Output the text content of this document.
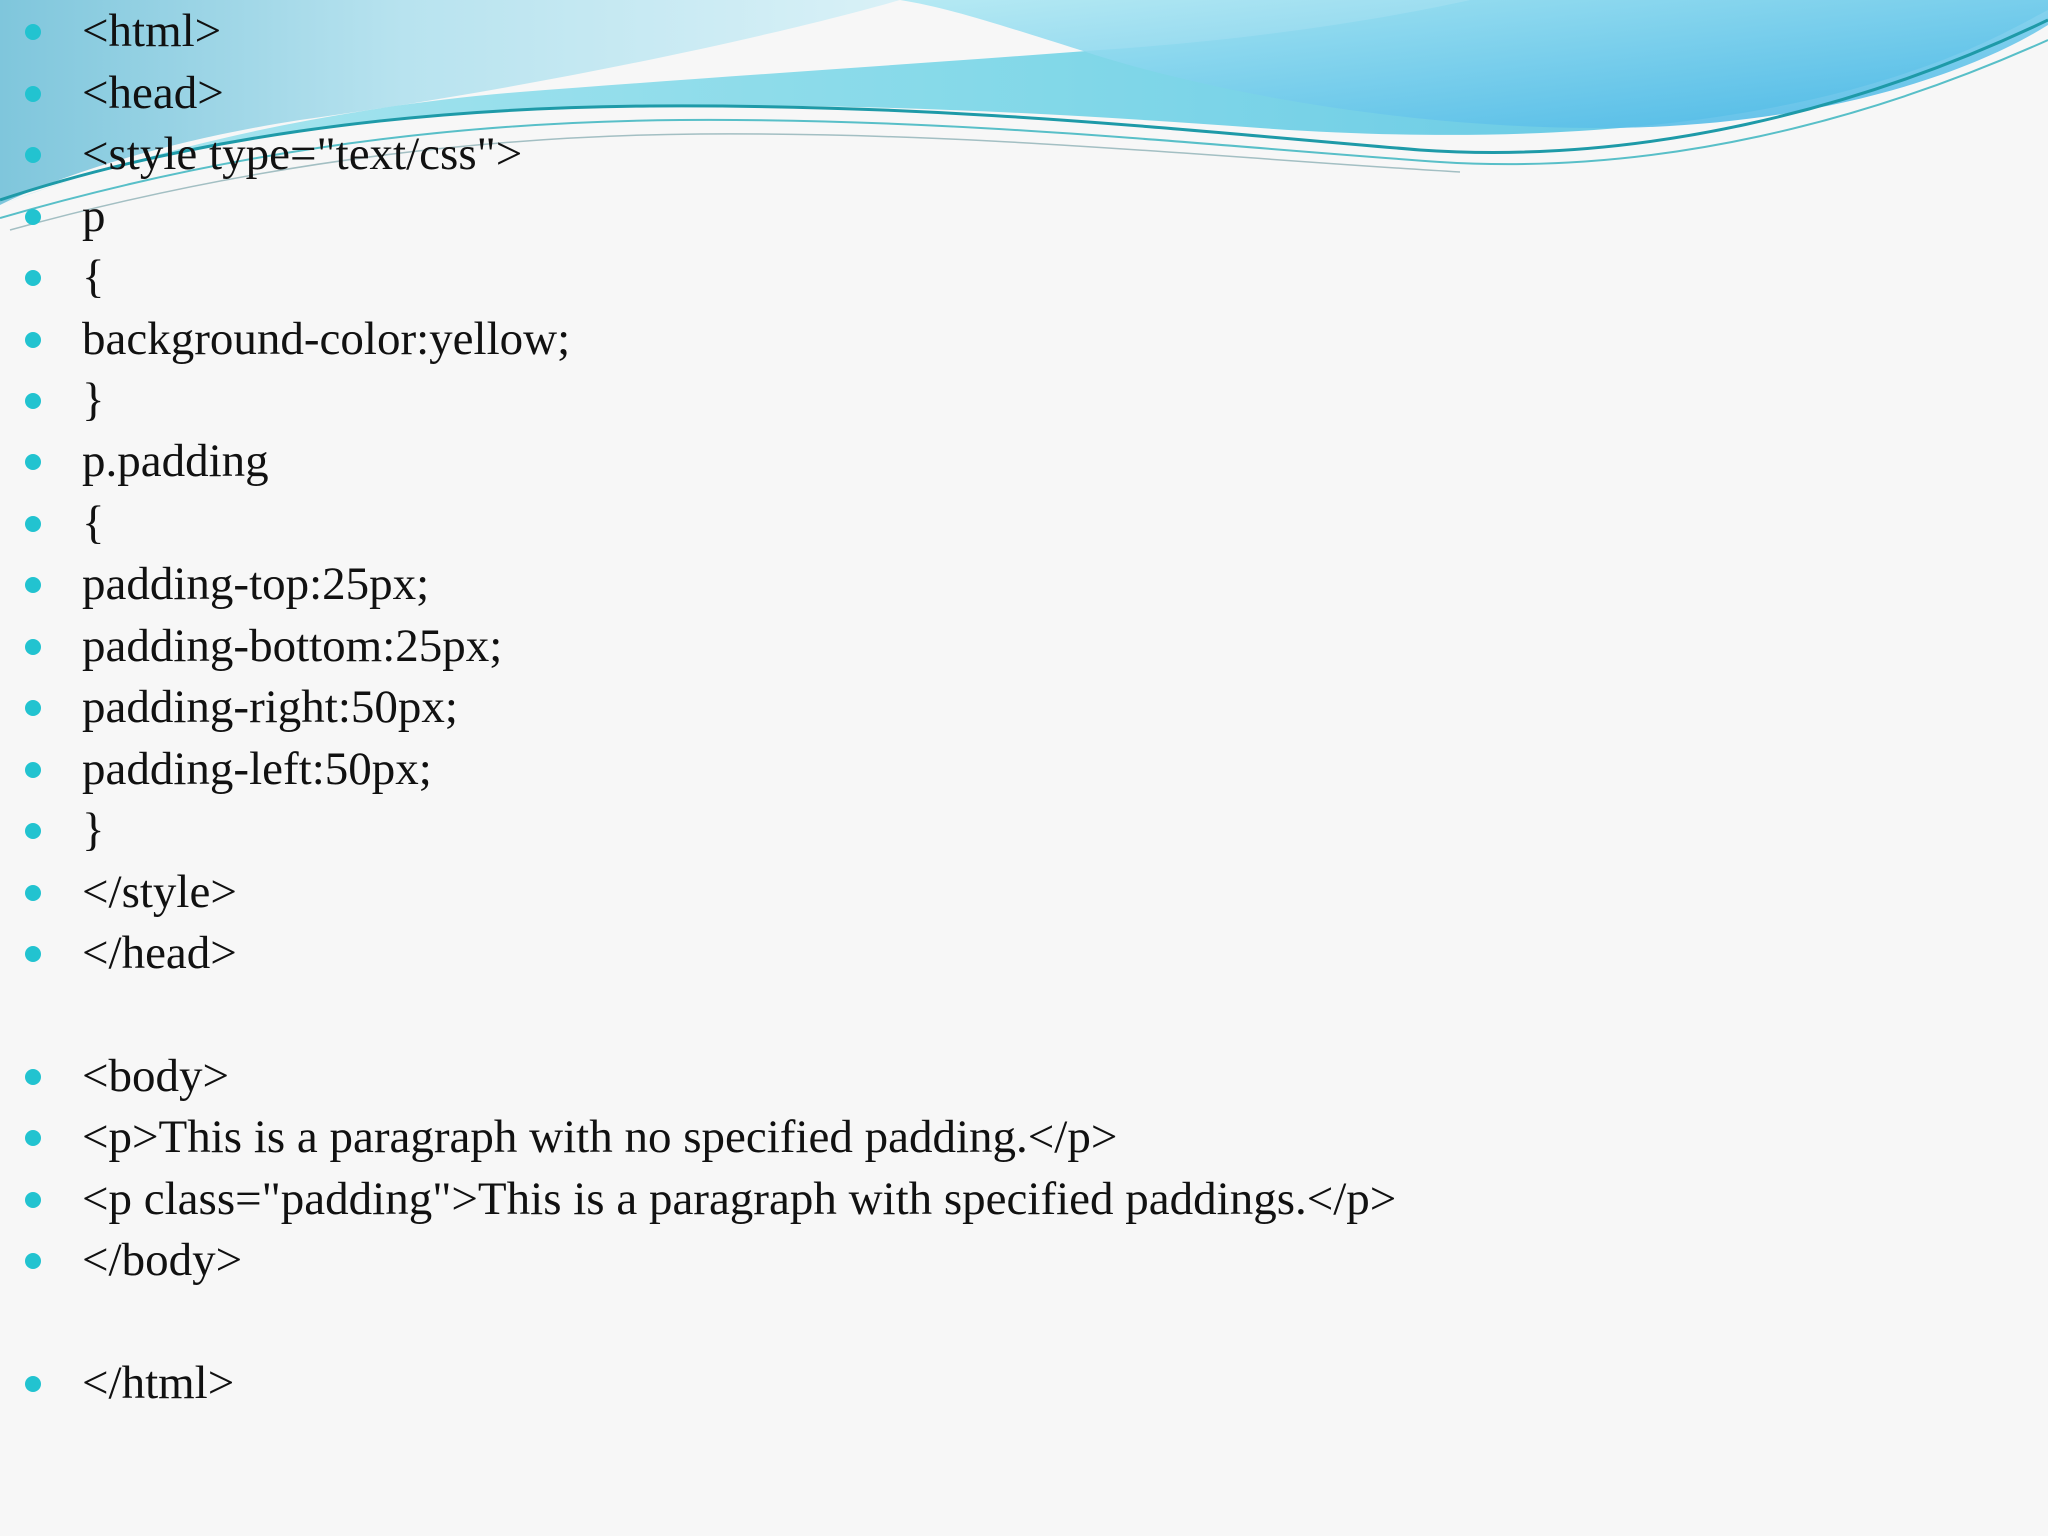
<html>
<head>
<style type="text/css">
p
{
background-color:yellow;
}
p.padding
{
padding-top:25px;
padding-bottom:25px;
padding-right:50px;
padding-left:50px;
}
</style>
</head>
<body>
<p>This is a paragraph with no specified padding.</p>
<p class="padding">This is a paragraph with specified paddings.</p>
</body>
</html>
